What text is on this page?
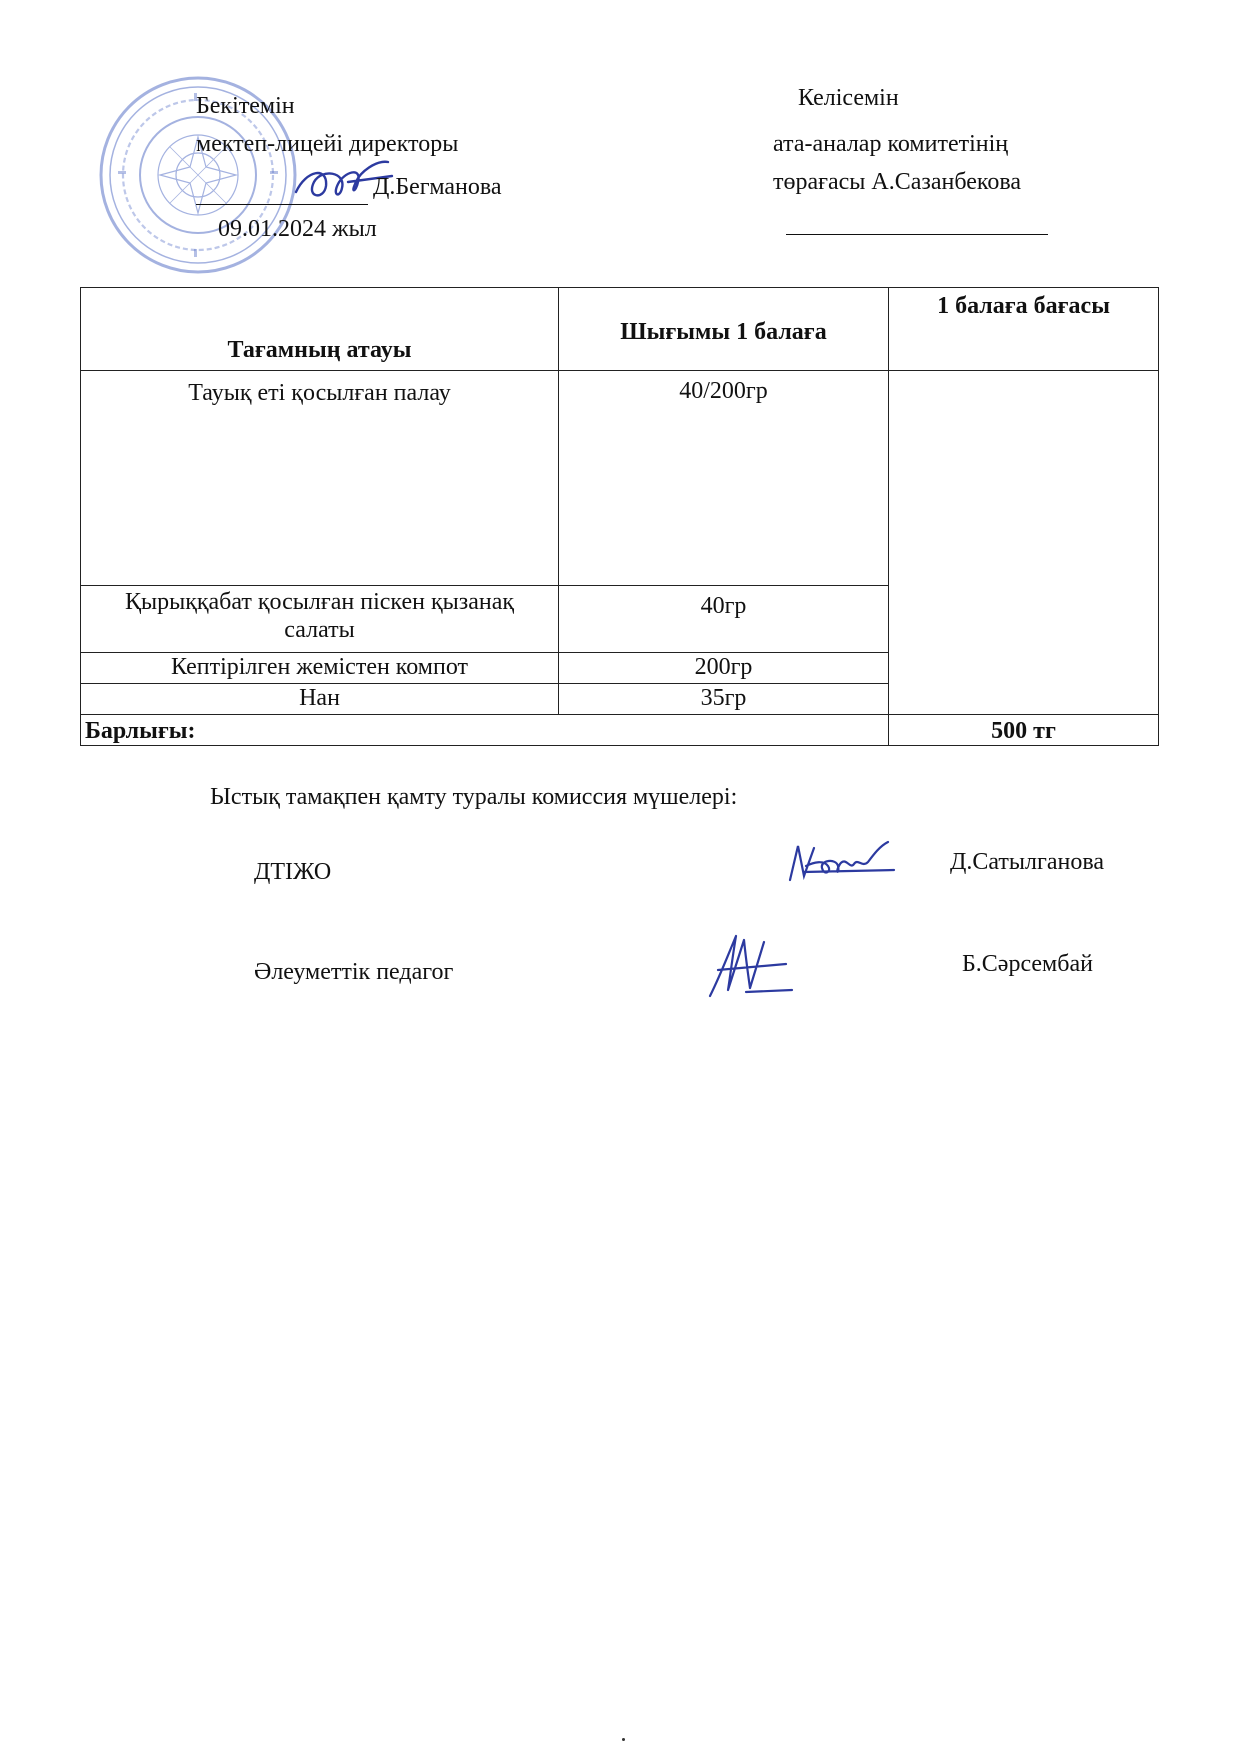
Бекітемін
мектеп-лицейі директоры
Д.Бегманова
09.01.2024 жыл
Келісемін
ата-аналар комитетінің
төрағасы А.Сазанбекова
Тағамның атауы	Шығымы 1 балаға	1 балаға бағасы
Тауық еті қосылған палау	40/200гр	
Қырыққабат қосылған піскен қызанақ салаты	40гр	
Кептірілген жемістен компот	200гр	
Нан	35гр	
Барлығы:		500 тг
Ыстық тамақпен қамту туралы комиссия мүшелері:
ДТІЖО	Д.Сатылганова
Әлеуметтік педагог	Б.Сәрсембай
